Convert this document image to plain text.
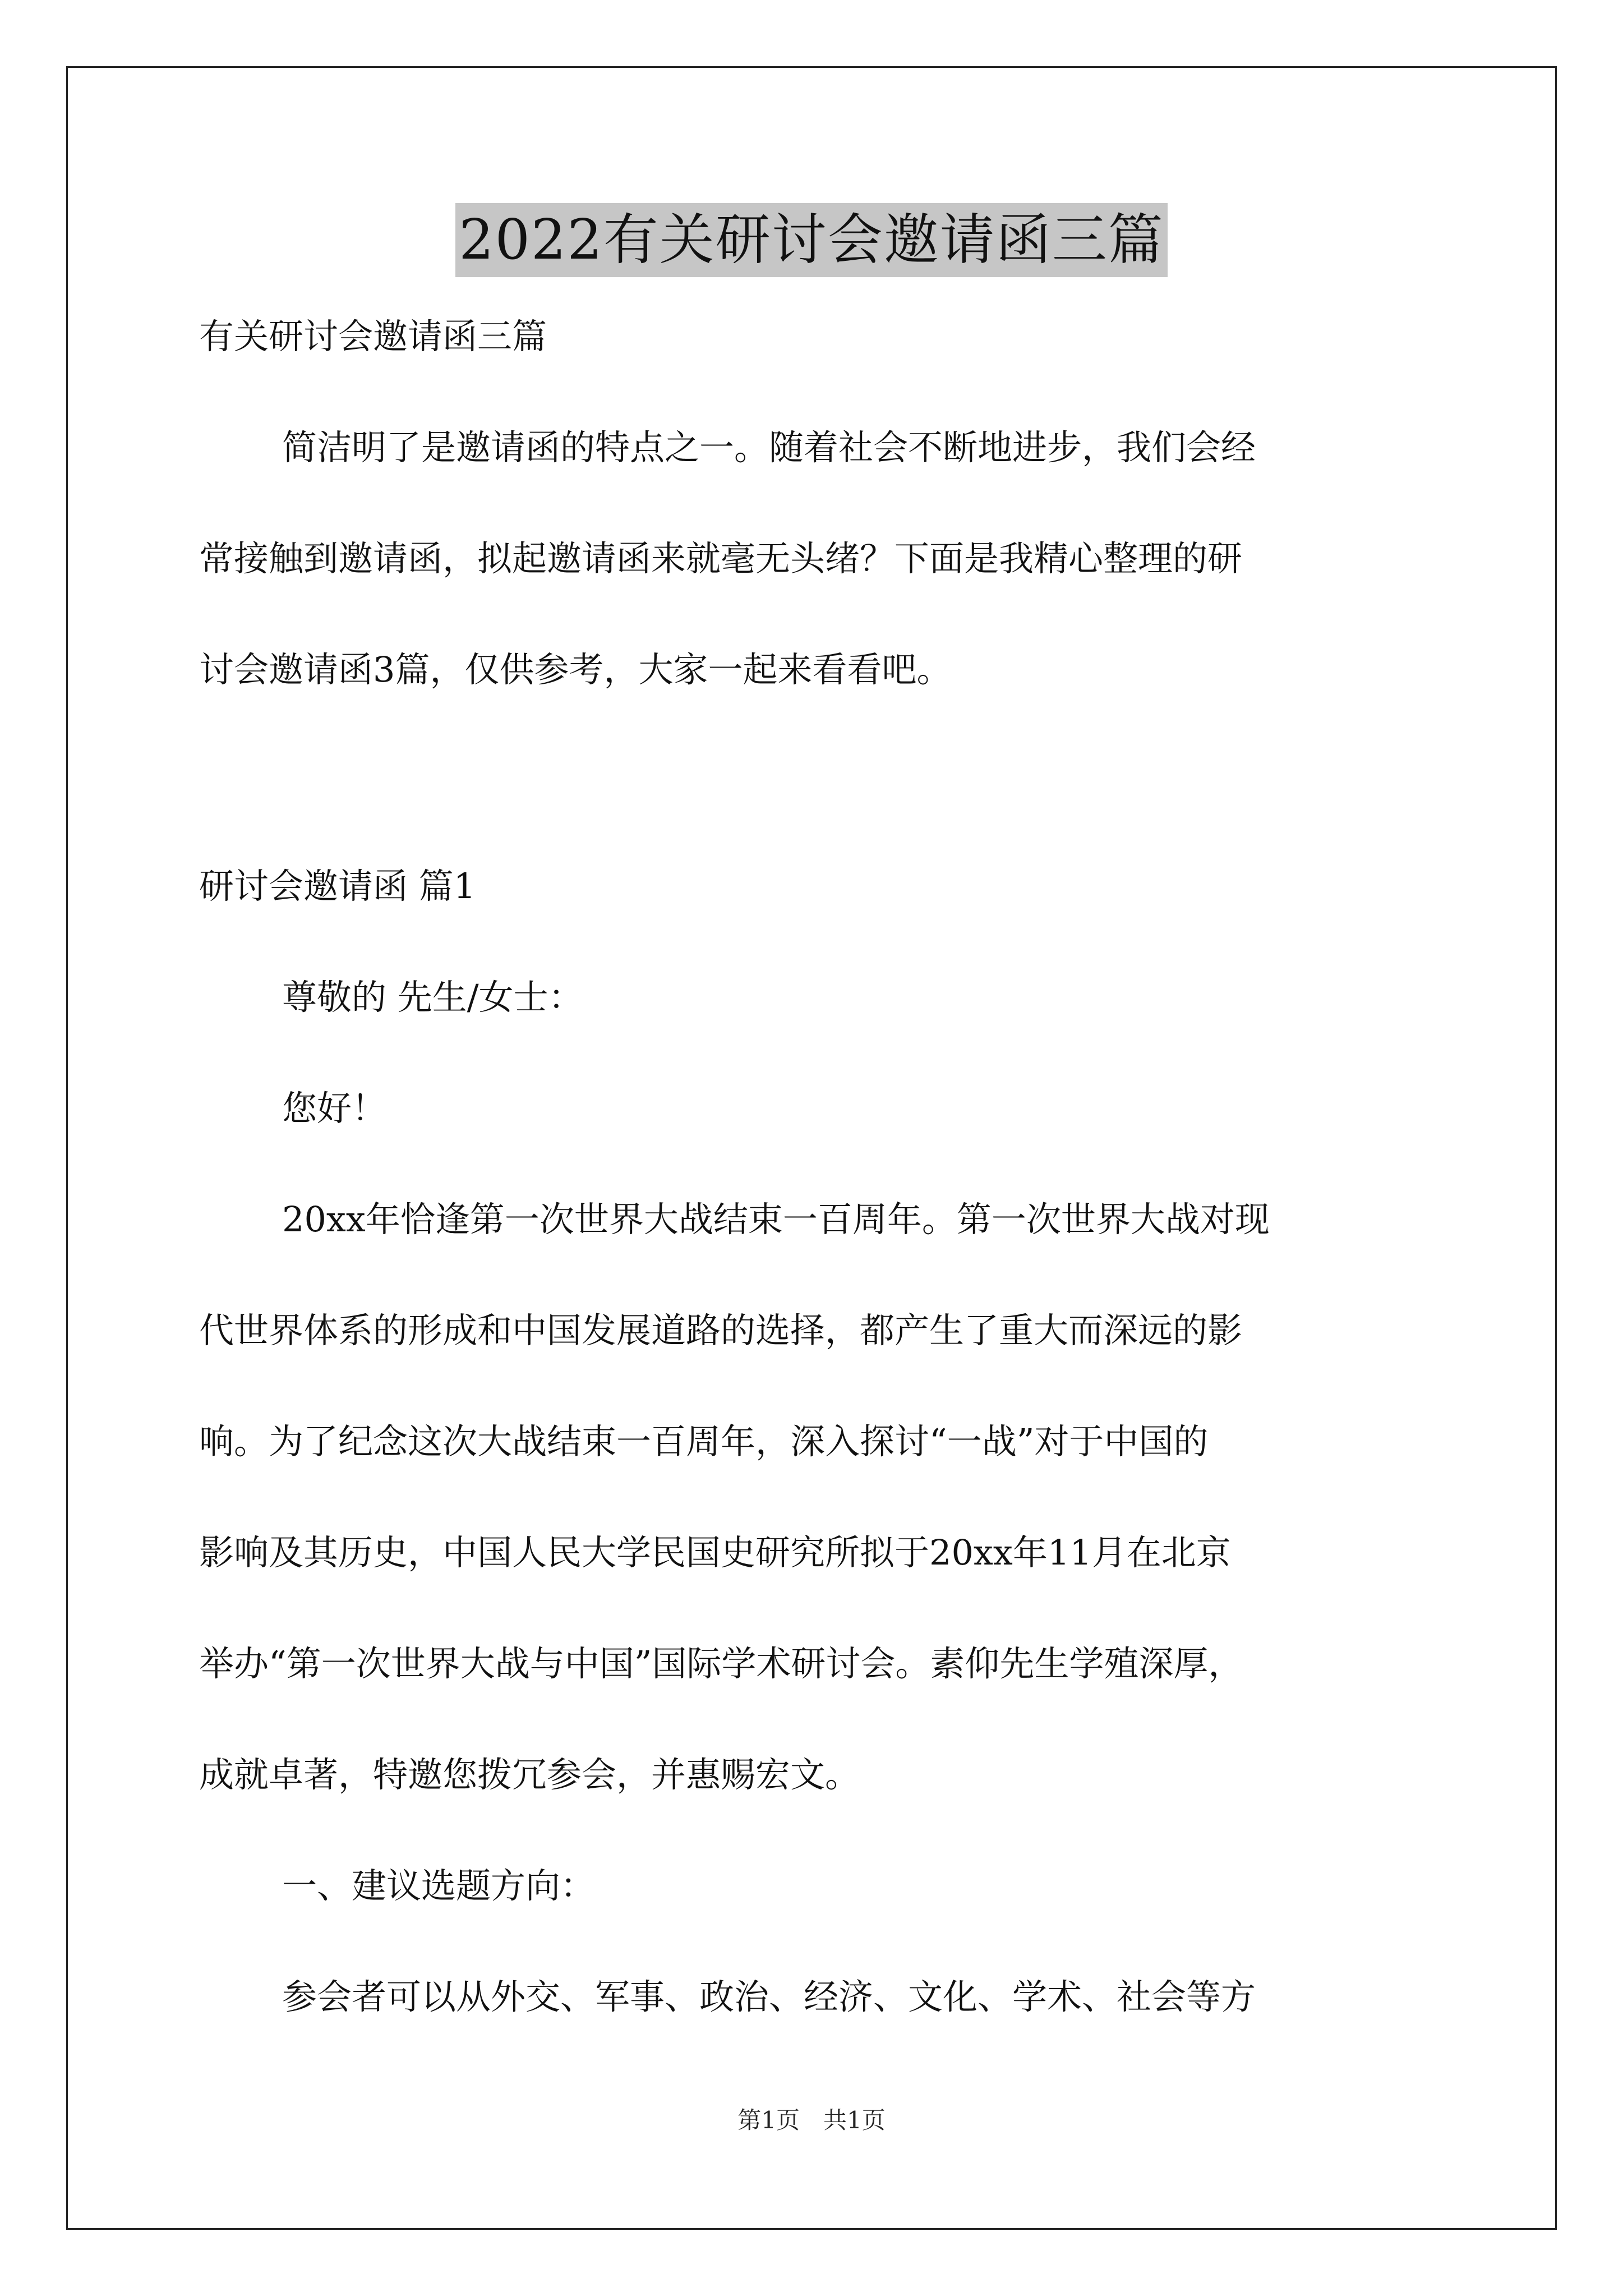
2022有关研讨会邀请函三篇
有关研讨会邀请函三篇
简洁明了是邀请函的特点之一。随着社会不断地进步，我们会经
常接触到邀请函，拟起邀请函来就毫无头绪？下面是我精心整理的研
讨会邀请函3篇，仅供参考，大家一起来看看吧。
研讨会邀请函 篇1
尊敬的 先生/女士：
您好！
20xx年恰逢第一次世界大战结束一百周年。第一次世界大战对现
代世界体系的形成和中国发展道路的选择，都产生了重大而深远的影
响。为了纪念这次大战结束一百周年，深入探讨“一战”对于中国的
影响及其历史，中国人民大学民国史研究所拟于20xx年11月在北京
举办“第一次世界大战与中国”国际学术研讨会。素仰先生学殖深厚，
成就卓著，特邀您拨冗参会，并惠赐宏文。
一、建议选题方向：
参会者可以从外交、军事、政治、经济、文化、学术、社会等方
第1页　共1页
